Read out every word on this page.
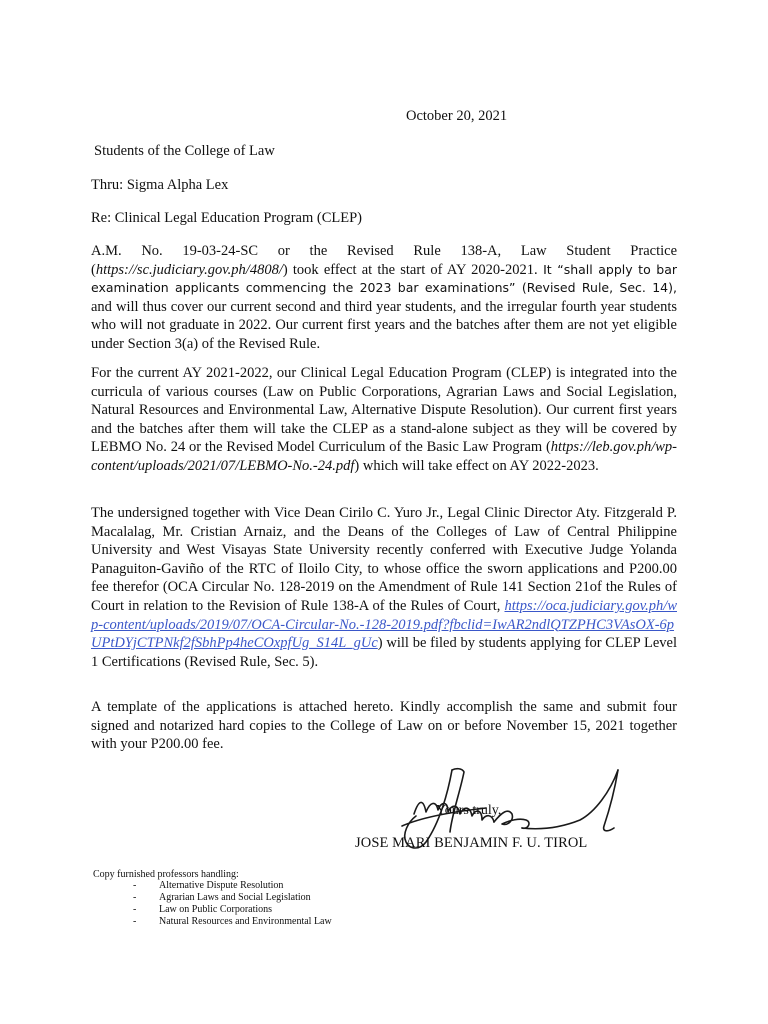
October 20, 2021
Students of the College of Law
Thru: Sigma Alpha Lex
Re: Clinical Legal Education Program (CLEP)

A.M. No. 19-03-24-SC or the Revised Rule 138-A, Law Student Practice (https://sc.judiciary.gov.ph/4808/) took effect at the start of AY 2020-2021. It “shall apply to bar examination applicants commencing the 2023 bar examinations” (Revised Rule, Sec. 14), and will thus cover our current second and third year students, and the irregular fourth year students who will not graduate in 2022. Our current first years and the batches after them are not yet eligible under Section 3(a) of the Revised Rule.

For the current AY 2021-2022, our Clinical Legal Education Program (CLEP) is integrated into the curricula of various courses (Law on Public Corporations, Agrarian Laws and Social Legislation, Natural Resources and Environmental Law, Alternative Dispute Resolution). Our current first years and the batches after them will take the CLEP as a stand-alone subject as they will be covered by LEBMO No. 24 or the Revised Model Curriculum of the Basic Law Program (https://leb.gov.ph/wp-content/uploads/2021/07/LEBMO-No.-24.pdf) which will take effect on AY 2022-2023.

The undersigned together with Vice Dean Cirilo C. Yuro Jr., Legal Clinic Director Aty. Fitzgerald P. Macalalag, Mr. Cristian Arnaiz, and the Deans of the Colleges of Law of Central Philippine University and West Visayas State University recently conferred with Executive Judge Yolanda Panaguiton-Gaviño of the RTC of Iloilo City, to whose office the sworn applications and P200.00 fee therefor (OCA Circular No. 128-2019 on the Amendment of Rule 141 Section 21of the Rules of Court in relation to the Revision of Rule 138-A of the Rules of Court, https://oca.judiciary.gov.ph/wp-content/uploads/2019/07/OCA-Circular-No.-128-2019.pdf?fbclid=IwAR2ndlQTZPHC3VAsOX-6pUPtDYjCTPNkf2fSbhPp4heCOxpfUg_S14L_gUc) will be filed by students applying for CLEP Level 1 Certifications (Revised Rule, Sec. 5).

A template of the applications is attached hereto. Kindly accomplish the same and submit four signed and notarized hard copies to the College of Law on or before November 15, 2021 together with your P200.00 fee.

Yours truly,
JOSE MARI BENJAMIN F. U. TIROL
Copy furnished professors handling:
-	Alternative Dispute Resolution
-	Agrarian Laws and Social Legislation
-	Law on Public Corporations
-	Natural Resources and Environmental Law
